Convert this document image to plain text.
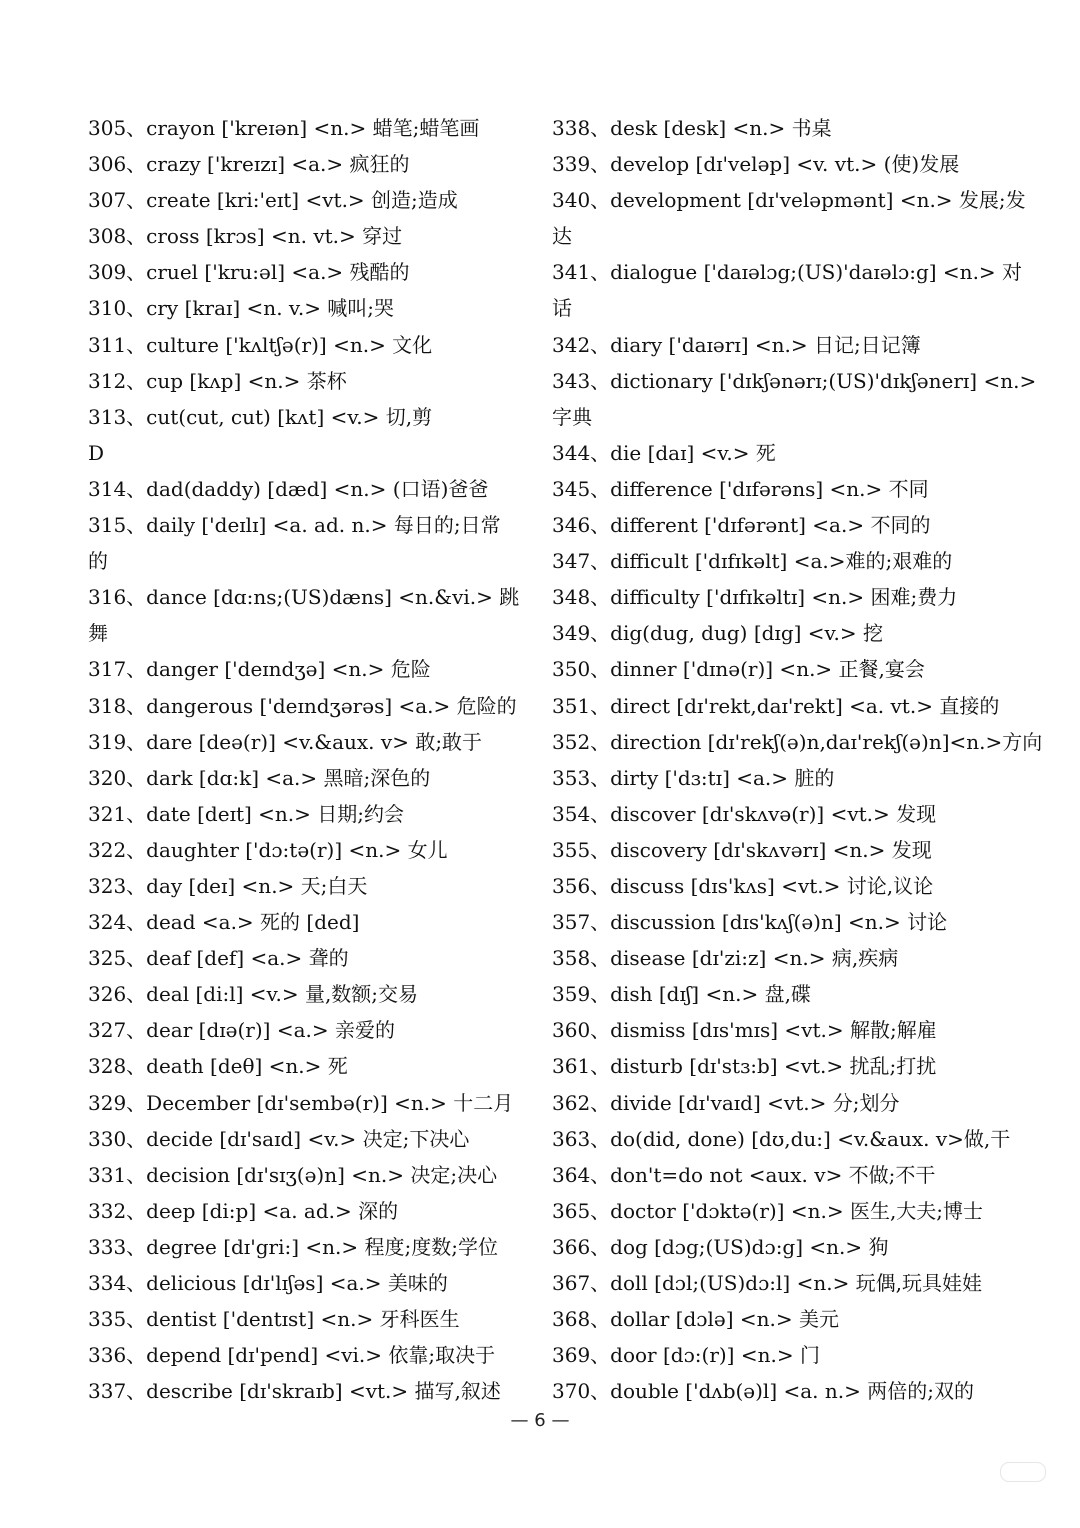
305、crayon ['kreɪən] <n.> 蜡笔;蜡笔画
306、crazy ['kreɪzɪ] <a.> 疯狂的
307、create [kri:'eɪt] <vt.> 创造;造成
308、cross [krɔs] <n. vt.> 穿过
309、cruel ['kru:əl] <a.> 残酷的
310、cry [kraɪ] <n. v.> 喊叫;哭
311、culture ['kʌltʃə(r)] <n.> 文化
312、cup [kʌp] <n.> 茶杯
313、cut(cut, cut) [kʌt] <v.> 切,剪
D
314、dad(daddy) [dæd] <n.> (口语)爸爸
315、daily ['deɪlɪ] <a. ad. n.> 每日的;日常
的
316、dance [dɑ:ns;(US)dæns] <n.&vi.> 跳
舞
317、danger ['deɪndʒə] <n.> 危险
318、dangerous ['deɪndʒərəs] <a.> 危险的
319、dare [deə(r)] <v.&aux. v> 敢;敢于
320、dark [dɑ:k] <a.> 黑暗;深色的
321、date [deɪt] <n.> 日期;约会
322、daughter ['dɔ:tə(r)] <n.> 女儿
323、day [deɪ] <n.> 天;白天
324、dead <a.> 死的 [ded]
325、deaf [def] <a.> 聋的
326、deal [di:l] <v.> 量,数额;交易
327、dear [dɪə(r)] <a.> 亲爱的
328、death [deθ] <n.> 死
329、December [dɪ'sembə(r)] <n.> 十二月
330、decide [dɪ'saɪd] <v.> 决定;下决心
331、decision [dɪ'sɪʒ(ə)n] <n.> 决定;决心
332、deep [di:p] <a. ad.> 深的
333、degree [dɪ'gri:] <n.> 程度;度数;学位
334、delicious [dɪ'lɪʃəs] <a.> 美味的
335、dentist ['dentɪst] <n.> 牙科医生
336、depend [dɪ'pend] <vi.> 依靠;取决于
337、describe [dɪ'skraɪb] <vt.> 描写,叙述
338、desk [desk] <n.> 书桌
339、develop [dɪ'veləp] <v. vt.> (使)发展
340、development [dɪ'veləpmənt] <n.> 发展;发
达
341、dialogue ['daɪəlɔg;(US)'daɪəlɔ:g] <n.> 对
话
342、diary ['daɪərɪ] <n.> 日记;日记簿
343、dictionary ['dɪkʃənərɪ;(US)'dɪkʃənerɪ] <n.>
字典
344、die [daɪ] <v.> 死
345、difference ['dɪfərəns] <n.> 不同
346、different ['dɪfərənt] <a.> 不同的
347、difficult ['dɪfɪkəlt] <a.>难的;艰难的
348、difficulty ['dɪfɪkəltɪ] <n.> 困难;费力
349、dig(dug, dug) [dɪg] <v.> 挖
350、dinner ['dɪnə(r)] <n.> 正餐,宴会
351、direct [dɪ'rekt,daɪ'rekt] <a. vt.> 直接的
352、direction [dɪ'rekʃ(ə)n,daɪ'rekʃ(ə)n]<n.>方向
353、dirty ['dɜ:tɪ] <a.> 脏的
354、discover [dɪ'skʌvə(r)] <vt.> 发现
355、discovery [dɪ'skʌvərɪ] <n.> 发现
356、discuss [dɪs'kʌs] <vt.> 讨论,议论
357、discussion [dɪs'kʌʃ(ə)n] <n.> 讨论
358、disease [dɪ'zi:z] <n.> 病,疾病
359、dish [dɪʃ] <n.> 盘,碟
360、dismiss [dɪs'mɪs] <vt.> 解散;解雇
361、disturb [dɪ'stɜ:b] <vt.> 扰乱;打扰
362、divide [dɪ'vaɪd] <vt.> 分;划分
363、do(did, done) [dʊ,du:] <v.&aux. v>做,干
364、don't=do not <aux. v> 不做;不干
365、doctor ['dɔktə(r)] <n.> 医生,大夫;博士
366、dog [dɔg;(US)dɔ:g] <n.> 狗
367、doll [dɔl;(US)dɔ:l] <n.> 玩偶,玩具娃娃
368、dollar [dɔlə] <n.> 美元
369、door [dɔ:(r)] <n.> 门
370、double ['dʌb(ə)l] <a. n.> 两倍的;双的
— 6 —
